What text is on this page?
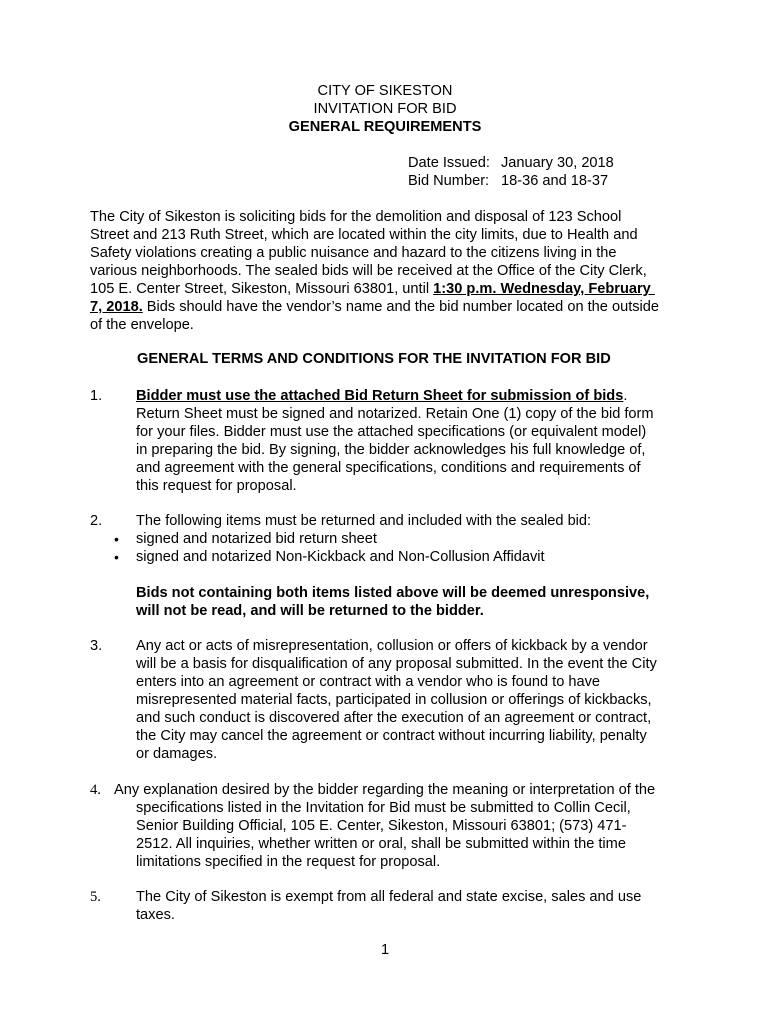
CITY OF SIKESTON
INVITATION FOR BID
GENERAL REQUIREMENTS
Date Issued: January 30, 2018
Bid Number: 18-36 and 18-37
The City of Sikeston is soliciting bids for the demolition and disposal of 123 School
Street and 213 Ruth Street, which are located within the city limits, due to Health and
Safety violations creating a public nuisance and hazard to the citizens living in the
various neighborhoods. The sealed bids will be received at the Office of the City Clerk,
105 E. Center Street, Sikeston, Missouri 63801, until 1:30 p.m. Wednesday, February
7, 2018. Bids should have the vendor’s name and the bid number located on the outside
of the envelope.
GENERAL TERMS AND CONDITIONS FOR THE INVITATION FOR BID
1. Bidder must use the attached Bid Return Sheet for submission of bids.
Return Sheet must be signed and notarized. Retain One (1) copy of the bid form
for your files. Bidder must use the attached specifications (or equivalent model)
in preparing the bid. By signing, the bidder acknowledges his full knowledge of,
and agreement with the general specifications, conditions and requirements of
this request for proposal.
2. The following items must be returned and included with the sealed bid:
• signed and notarized bid return sheet
• signed and notarized Non-Kickback and Non-Collusion Affidavit
Bids not containing both items listed above will be deemed unresponsive,
will not be read, and will be returned to the bidder.
3. Any act or acts of misrepresentation, collusion or offers of kickback by a vendor
will be a basis for disqualification of any proposal submitted. In the event the City
enters into an agreement or contract with a vendor who is found to have
misrepresented material facts, participated in collusion or offerings of kickbacks,
and such conduct is discovered after the execution of an agreement or contract,
the City may cancel the agreement or contract without incurring liability, penalty
or damages.
4. Any explanation desired by the bidder regarding the meaning or interpretation of the
specifications listed in the Invitation for Bid must be submitted to Collin Cecil,
Senior Building Official, 105 E. Center, Sikeston, Missouri 63801; (573) 471-
2512. All inquiries, whether written or oral, shall be submitted within the time
limitations specified in the request for proposal.
5. The City of Sikeston is exempt from all federal and state excise, sales and use
taxes.
1
